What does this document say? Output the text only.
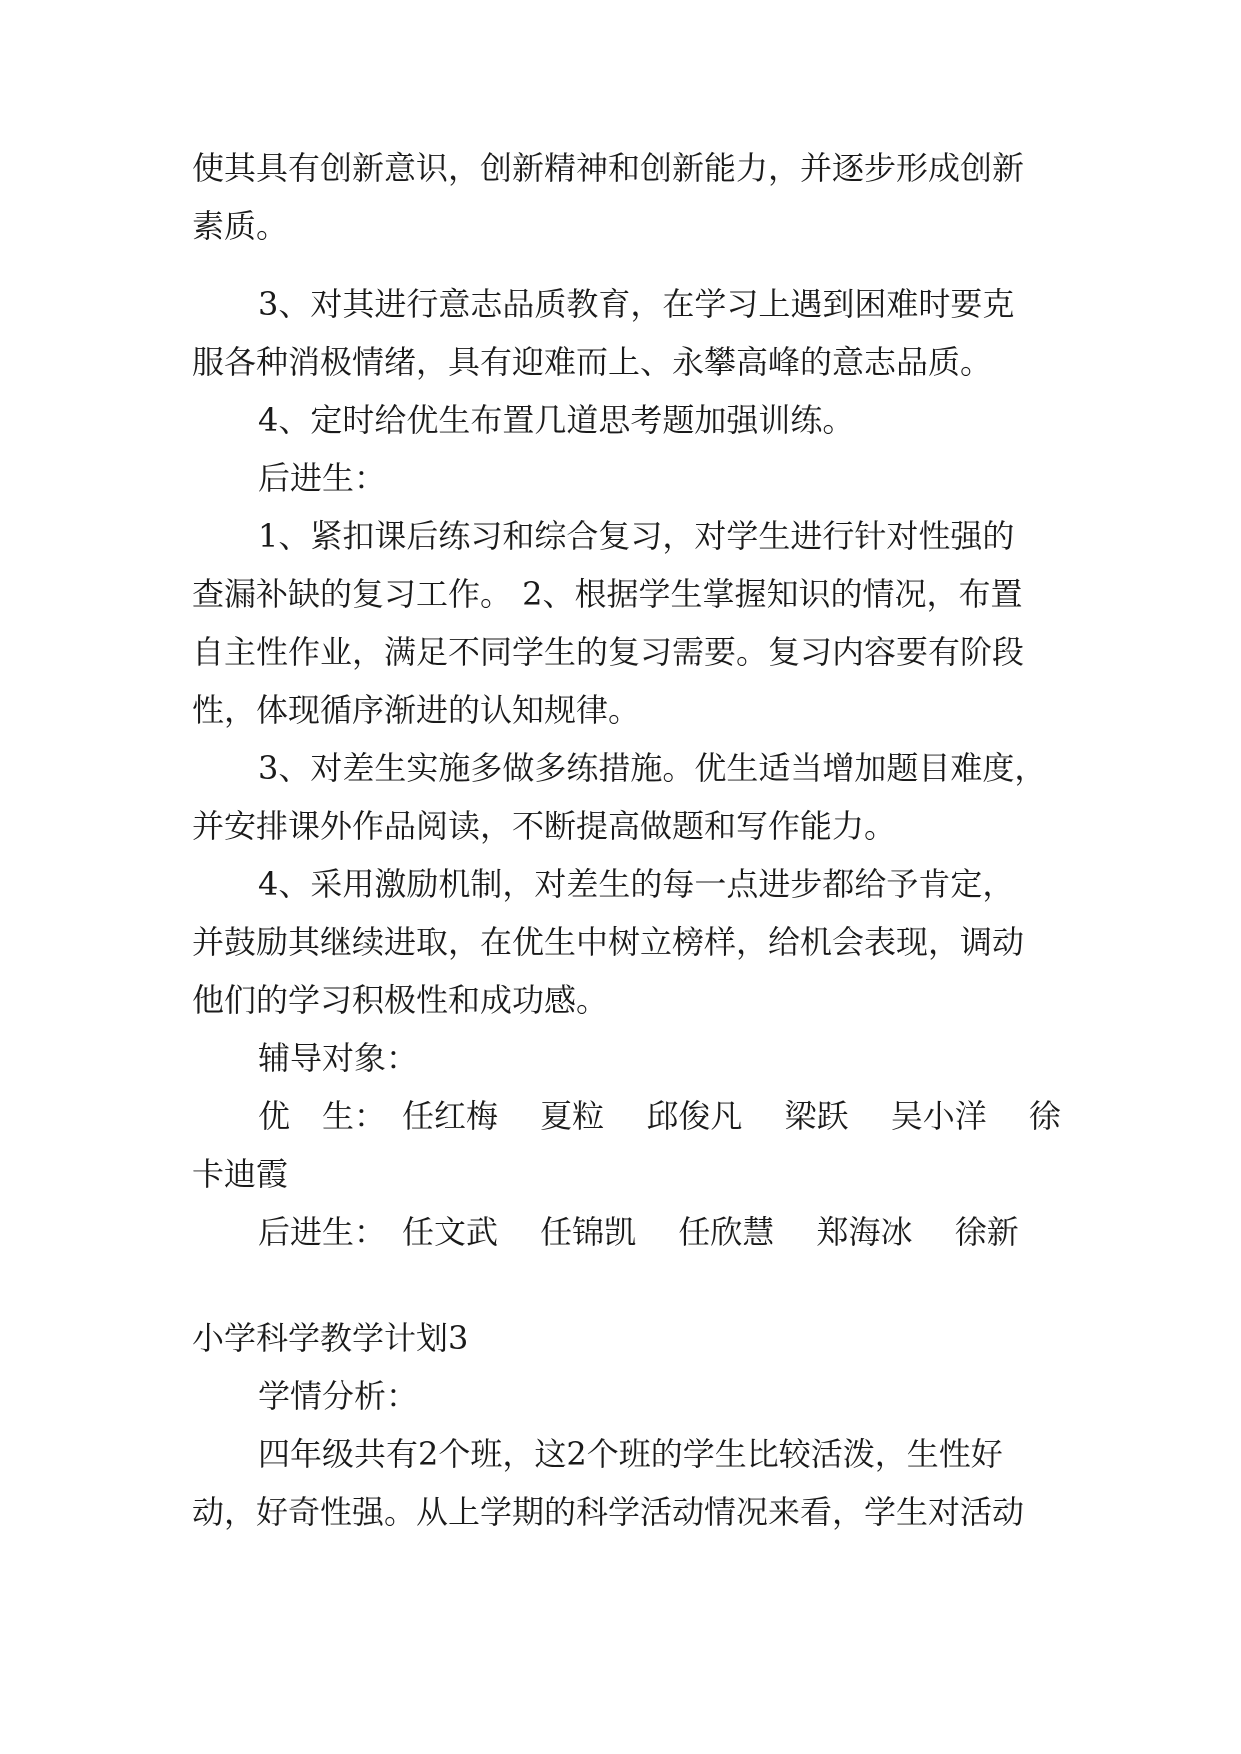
使其具有创新意识，创新精神和创新能力，并逐步形成创新
素质。
3、对其进行意志品质教育，在学习上遇到困难时要克
服各种消极情绪，具有迎难而上、永攀高峰的意志品质。
4、定时给优生布置几道思考题加强训练。
后进生：
1、紧扣课后练习和综合复习，对学生进行针对性强的
查漏补缺的复习工作。 2、根据学生掌握知识的情况，布置
自主性作业，满足不同学生的复习需要。复习内容要有阶段
性，体现循序渐进的认知规律。
3、对差生实施多做多练措施。优生适当增加题目难度，
并安排课外作品阅读，不断提高做题和写作能力。
4、采用激励机制，对差生的每一点进步都给予肯定，
并鼓励其继续进取，在优生中树立榜样，给机会表现，调动
他们的学习积极性和成功感。
辅导对象：
优　生：　任红梅　 夏粒　 邱俊凡　 梁跃　 吴小洋　 徐
卡迪霞
后进生：　任文武　 任锦凯　 任欣慧　 郑海冰　 徐新
小学科学教学计划3
学情分析：
四年级共有2个班，这2个班的学生比较活泼，生性好
动，好奇性强。从上学期的科学活动情况来看，学生对活动
